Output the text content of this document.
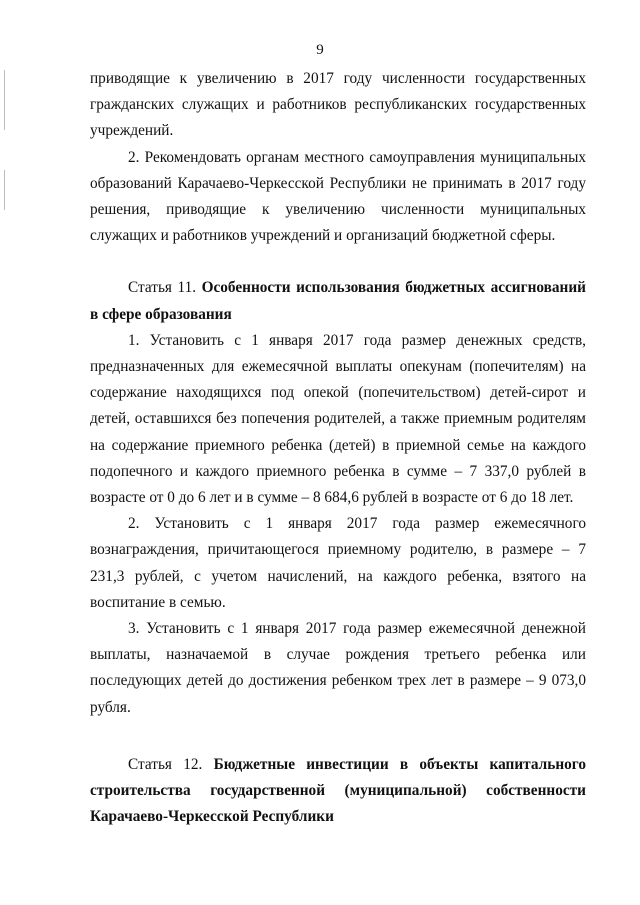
9

приводящие к увеличению в 2017 году численности государственных гражданских служащих и работников республиканских государственных учреждений.

2. Рекомендовать органам местного самоуправления муниципальных образований Карачаево-Черкесской Республики не принимать в 2017 году решения, приводящие к увеличению численности муниципальных служащих и работников учреждений и организаций бюджетной сферы.

Статья 11. Особенности использования бюджетных ассигнований в сфере образования

1. Установить с 1 января 2017 года размер денежных средств, предназначенных для ежемесячной выплаты опекунам (попечителям) на содержание находящихся под опекой (попечительством) детей-сирот и детей, оставшихся без попечения родителей, а также приемным родителям на содержание приемного ребенка (детей) в приемной семье на каждого подопечного и каждого приемного ребенка в сумме – 7 337,0 рублей в возрасте от 0 до 6 лет и в сумме – 8 684,6 рублей в возрасте от 6 до 18 лет.

2. Установить с 1 января 2017 года размер ежемесячного вознаграждения, причитающегося приемному родителю, в размере – 7 231,3 рублей, с учетом начислений, на каждого ребенка, взятого на воспитание в семью.

3. Установить с 1 января 2017 года размер ежемесячной денежной выплаты, назначаемой в случае рождения третьего ребенка или последующих детей до достижения ребенком трех лет в размере – 9 073,0 рубля.

Статья 12. Бюджетные инвестиции в объекты капитального строительства государственной (муниципальной) собственности Карачаево-Черкесской Республики
